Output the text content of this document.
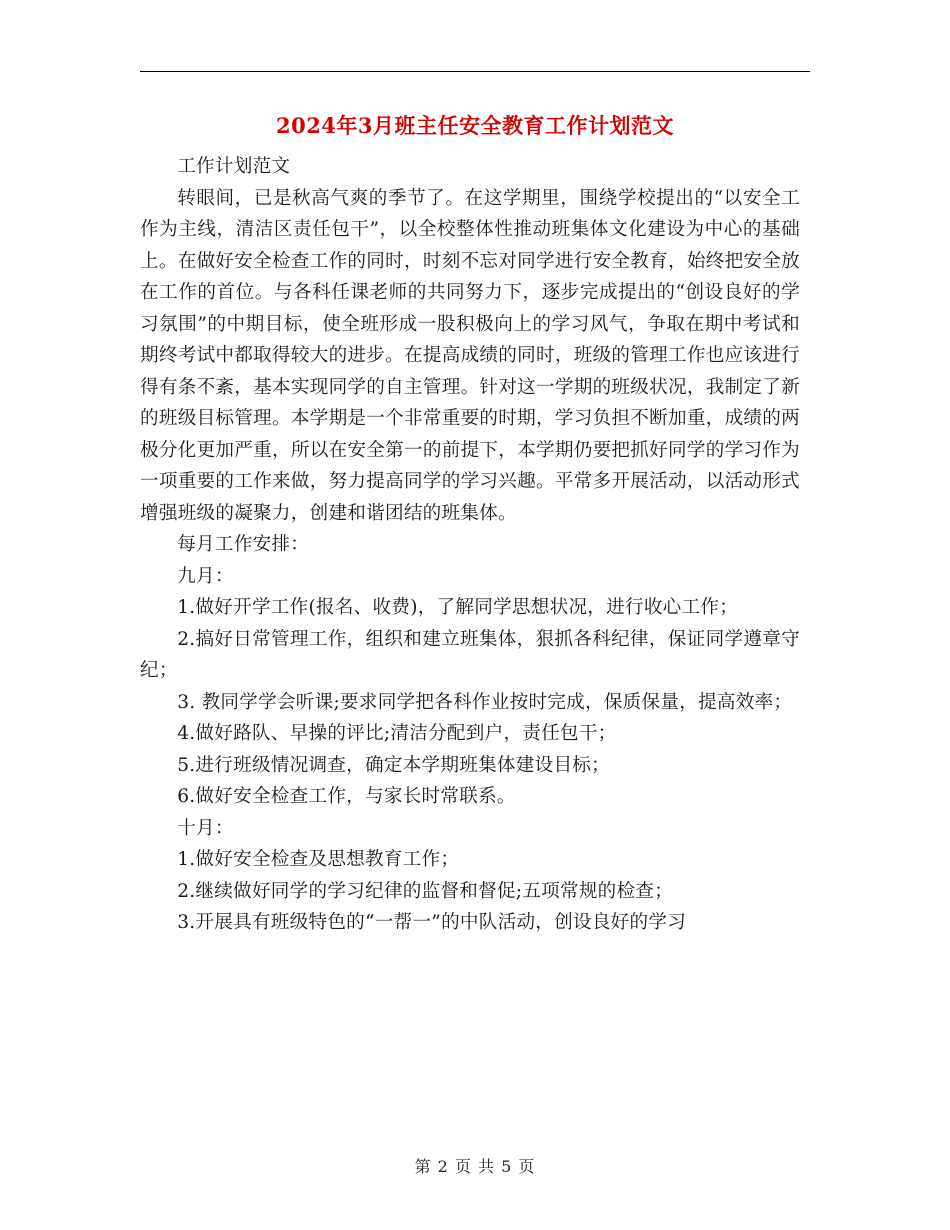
2024年3月班主任安全教育工作计划范文

工作计划范文

转眼间，已是秋高气爽的季节了。在这学期里，围绕学校提出的“以安全工作为主线，清洁区责任包干”，以全校整体性推动班集体文化建设为中心的基础上。在做好安全检查工作的同时，时刻不忘对同学进行安全教育，始终把安全放在工作的首位。与各科任课老师的共同努力下，逐步完成提出的“创设良好的学习氛围”的中期目标，使全班形成一股积极向上的学习风气，争取在期中考试和期终考试中都取得较大的进步。在提高成绩的同时，班级的管理工作也应该进行得有条不紊，基本实现同学的自主管理。针对这一学期的班级状况，我制定了新的班级目标管理。本学期是一个非常重要的时期，学习负担不断加重，成绩的两极分化更加严重，所以在安全第一的前提下，本学期仍要把抓好同学的学习作为一项重要的工作来做，努力提高同学的学习兴趣。平常多开展活动，以活动形式增强班级的凝聚力，创建和谐团结的班集体。

每月工作安排：

九月：

1.做好开学工作(报名、收费)，了解同学思想状况，进行收心工作；

2.搞好日常管理工作，组织和建立班集体，狠抓各科纪律，保证同学遵章守纪；

3. 教同学学会听课;要求同学把各科作业按时完成，保质保量，提高效率；

4.做好路队、早操的评比;清洁分配到户，责任包干；

5.进行班级情况调查，确定本学期班集体建设目标；

6.做好安全检查工作，与家长时常联系。

十月：

1.做好安全检查及思想教育工作；

2.继续做好同学的学习纪律的监督和督促;五项常规的检查；

3.开展具有班级特色的“一帮一”的中队活动，创设良好的学习

第 2 页 共 5 页
